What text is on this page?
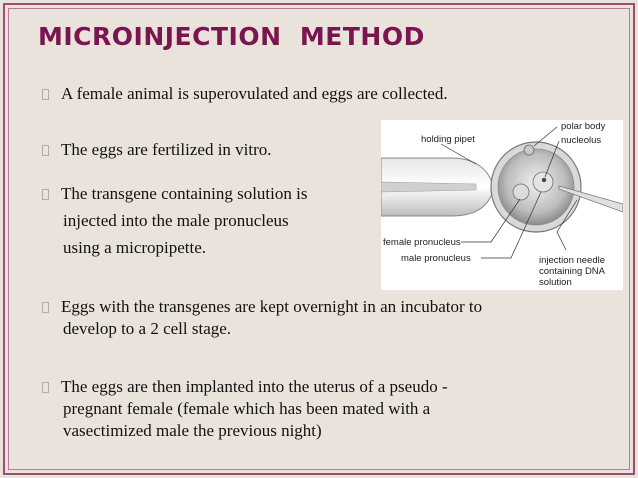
MICROINJECTION  METHOD
A female animal is superovulated and eggs are collected.
The eggs are fertilized in vitro.
The transgene containing solution is
injected into the male pronucleus
using a micropipette.
Eggs with the transgenes are kept overnight in an incubator to
develop to a 2 cell stage.
The eggs are then implanted into the uterus of a pseudo -
pregnant female (female which has been mated with a
vasectimized male the previous night)
holding pipet
polar body
nucleolus
female pronucleus
male pronucleus	injection needle
containing DNA
solution
